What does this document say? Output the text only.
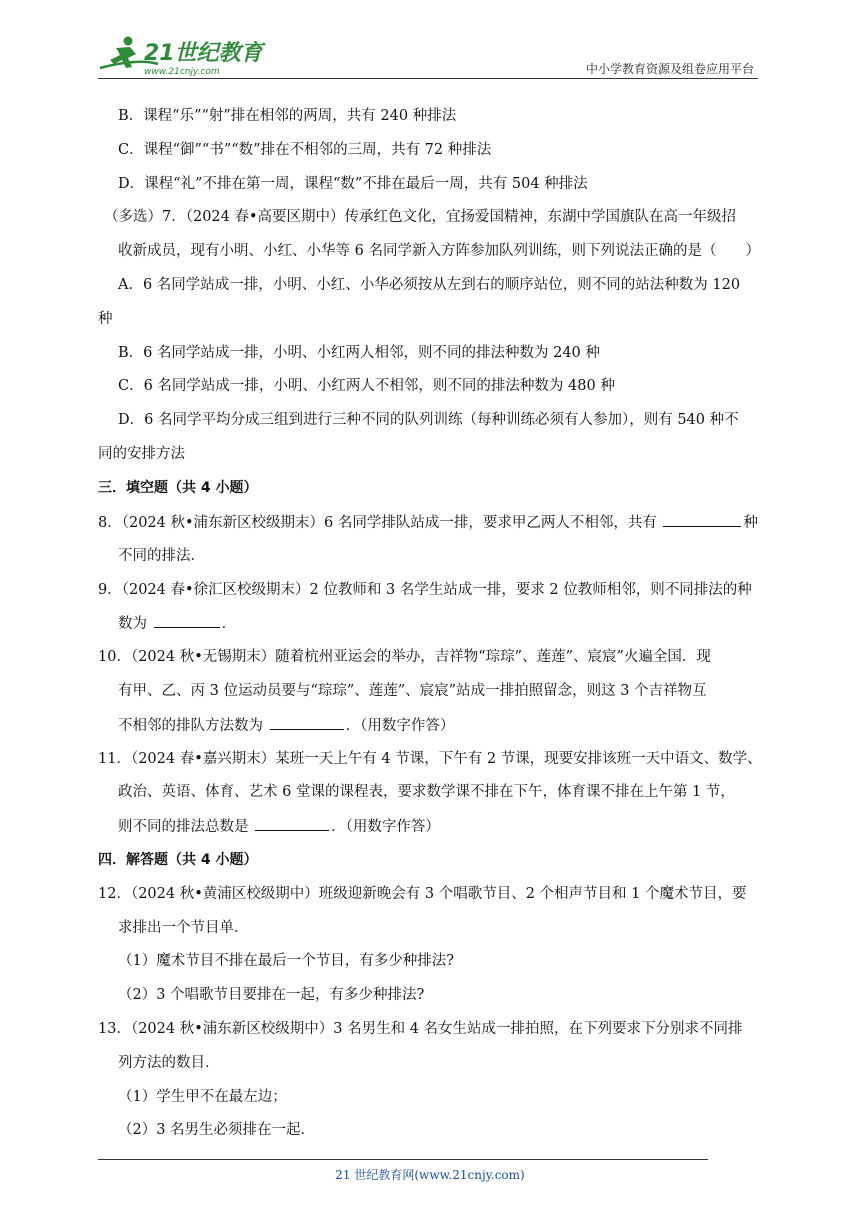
21世纪教育
www.21cnjy.com	中小学教育资源及组卷应用平台
B．课程“乐”“射”排在相邻的两周，共有 240 种排法
C．课程“御”“书”“数”排在不相邻的三周，共有 72 种排法
D．课程“礼”不排在第一周，课程“数”不排在最后一周，共有 504 种排法
（多选）7．（2024 春•高要区期中）传承红色文化，宜扬爱国精神，东湖中学国旗队在高一年级招
收新成员，现有小明、小红、小华等 6 名同学新入方阵参加队列训练，则下列说法正确的是（　　）
A．6 名同学站成一排，小明、小红、小华必须按从左到右的顺序站位，则不同的站法种数为 120
种
B．6 名同学站成一排，小明、小红两人相邻，则不同的排法种数为 240 种
C．6 名同学站成一排，小明、小红两人不相邻，则不同的排法种数为 480 种
D．6 名同学平均分成三组到进行三种不同的队列训练（每种训练必须有人参加），则有 540 种不
同的安排方法
三．填空题（共 4 小题）
8．（2024 秋•浦东新区校级期末）6 名同学排队站成一排，要求甲乙两人不相邻，共有	种
不同的排法．
9．（2024 春•徐汇区校级期末）2 位教师和 3 名学生站成一排，要求 2 位教师相邻，则不同排法的种
数为	．
10．（2024 秋•无锡期末）随着杭州亚运会的举办，吉祥物“琮琮”、莲莲”、宸宸”火遍全国．现
有甲、乙、丙 3 位运动员要与“琮琮”、莲莲”、宸宸”站成一排拍照留念，则这 3 个吉祥物互
不相邻的排队方法数为	．（用数字作答）
11．（2024 春•嘉兴期末）某班一天上午有 4 节课，下午有 2 节课，现要安排该班一天中语文、数学、
政治、英语、体育、艺术 6 堂课的课程表，要求数学课不排在下午，体育课不排在上午第 1 节，
则不同的排法总数是	．（用数字作答）
四．解答题（共 4 小题）
12．（2024 秋•黄浦区校级期中）班级迎新晚会有 3 个唱歌节目、2 个相声节目和 1 个魔术节目，要
求排出一个节目单．
（1）魔术节目不排在最后一个节目，有多少种排法?
（2）3 个唱歌节目要排在一起，有多少种排法?
13．（2024 秋•浦东新区校级期中）3 名男生和 4 名女生站成一排拍照，在下列要求下分别求不同排
列方法的数目．
（1）学生甲不在最左边；
（2）3 名男生必须排在一起．
21 世纪教育网(www.21cnjy.com)
